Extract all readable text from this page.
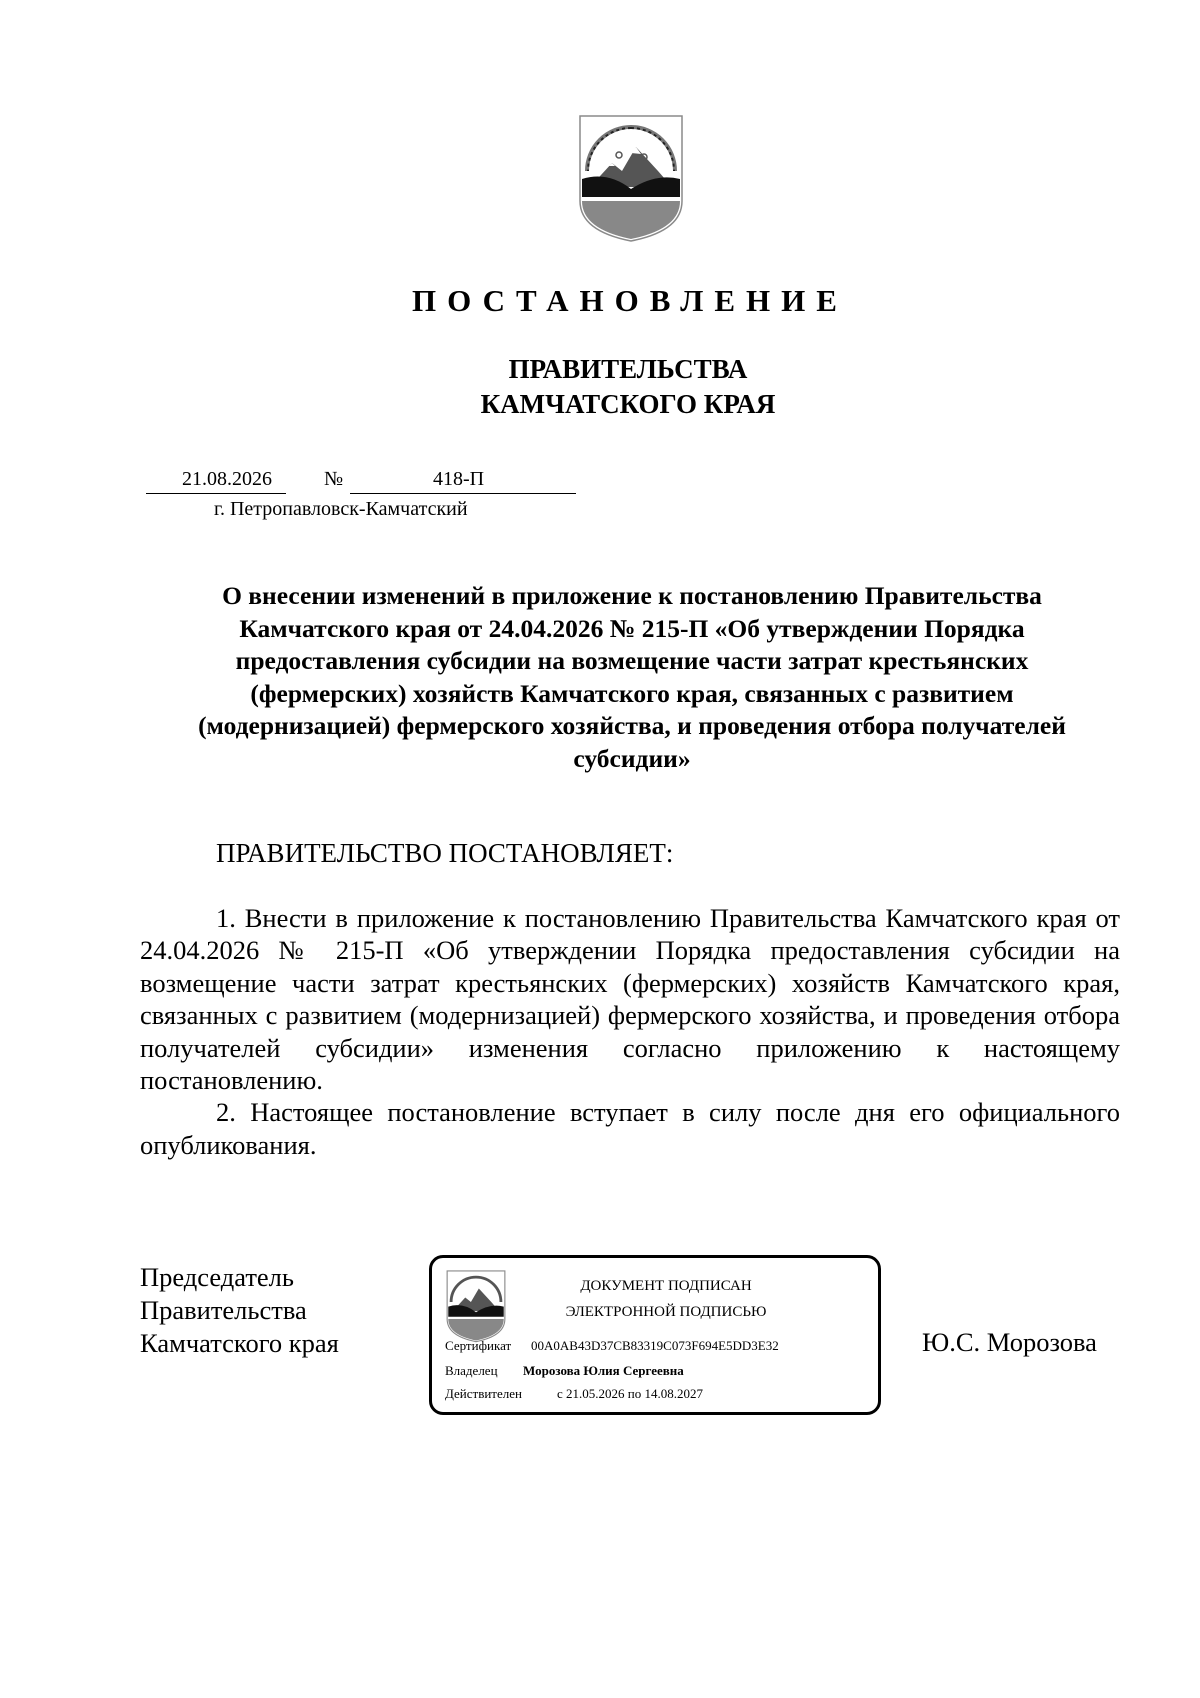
ПОСТАНОВЛЕНИЕ
ПРАВИТЕЛЬСТВА
КАМЧАТСКОГО КРАЯ
21.08.2026	№	418-П
г. Петропавловск-Камчатский
О внесении изменений в приложение к постановлению Правительства
Камчатского края от 24.04.2026 № 215-П «Об утверждении Порядка
предоставления субсидии на возмещение части затрат крестьянских
(фермерских) хозяйств Камчатского края, связанных с развитием
(модернизацией) фермерского хозяйства, и проведения отбора получателей
субсидии»
ПРАВИТЕЛЬСТВО ПОСТАНОВЛЯЕТ:

1. Внести в приложение к постановлению Правительства Камчатского края от 24.04.2026 № 215-П «Об утверждении Порядка предоставления субсидии на возмещение части затрат крестьянских (фермерских) хозяйств Камчатского края, связанных с развитием (модернизацией) фермерского хозяйства, и проведения отбора получателей субсидии» изменения согласно приложению к настоящему постановлению.

2. Настоящее постановление вступает в силу после дня его официального опубликования.

Председатель
Правительства
Камчатского края
ДОКУМЕНТ ПОДПИСАН
ЭЛЕКТРОННОЙ ПОДПИСЬЮ
Сертификат 00A0AB43D37CB83319C073F694E5DD3E32
Владелец Морозова Юлия Сергеевна
Действителен	с 21.05.2026 по 14.08.2027
Ю.С. Морозова
